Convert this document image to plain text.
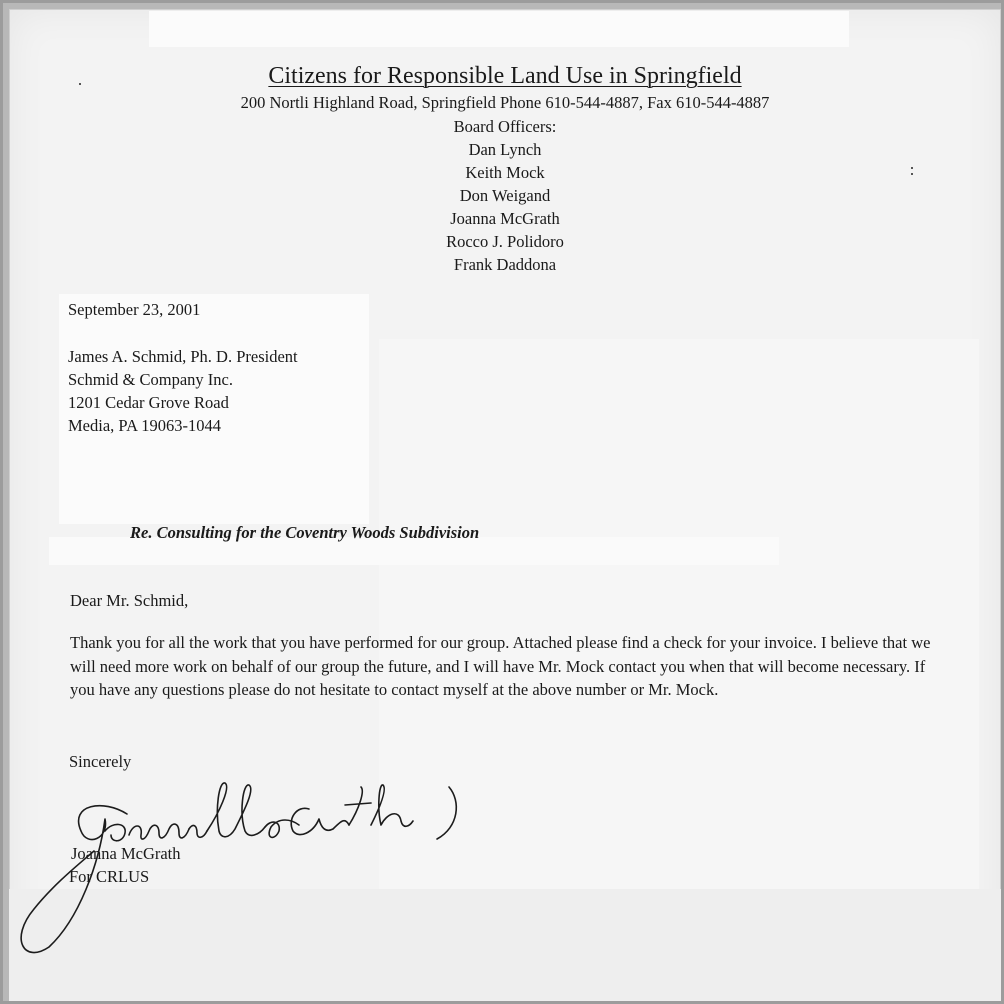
Citizens for Responsible Land Use in Springfield
200 Nortli Highland Road, Springfield Phone 610-544-4887, Fax 610-544-4887
Board Officers:
Dan Lynch
Keith Mock
Don Weigand
Joanna McGrath
Rocco J. Polidoro
Frank Daddona
September 23, 2001
James A. Schmid, Ph. D. President
Schmid & Company Inc.
1201 Cedar Grove Road
Media, PA 19063-1044
Re. Consulting for the Coventry Woods Subdivision
Dear Mr. Schmid,
Thank you for all the work that you have performed for our group. Attached please find a check for your invoice. I believe that we will need more work on behalf of our group the future, and I will have Mr. Mock contact you when that will become necessary. If you have any questions please do not hesitate to contact myself at the above number or Mr. Mock.
Sincerely
Joanna McGrath
For CRLUS
